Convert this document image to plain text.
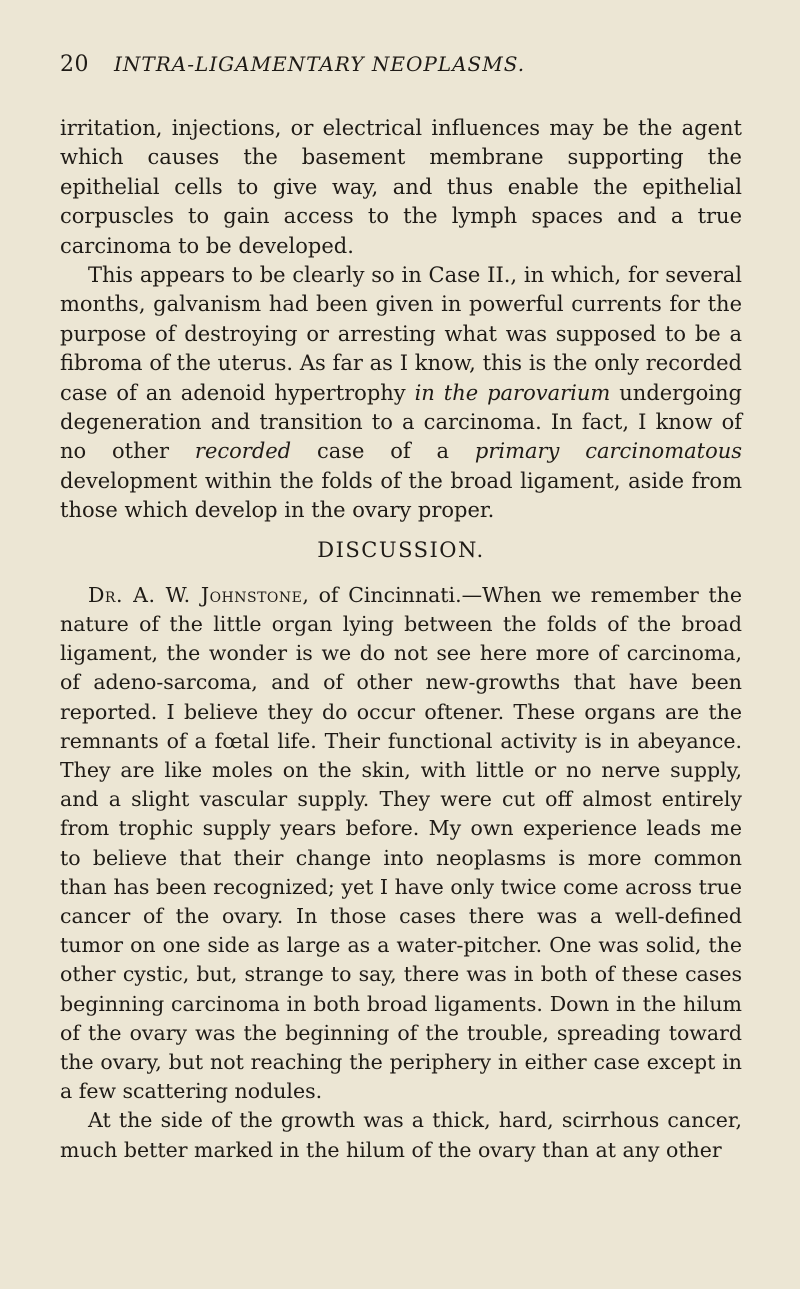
20	INTRA-LIGAMENTARY NEOPLASMS.

irritation, injections, or electrical influences may be the agent which causes the basement membrane supporting the epithelial cells to give way, and thus enable the epithelial corpuscles to gain access to the lymph spaces and a true carcinoma to be developed.

This appears to be clearly so in Case II., in which, for several months, galvanism had been given in powerful currents for the purpose of destroying or arresting what was supposed to be a fibroma of the uterus. As far as I know, this is the only recorded case of an adenoid hypertrophy in the parovarium undergoing degeneration and transition to a carcinoma. In fact, I know of no other recorded case of a primary carcinomatous development within the folds of the broad ligament, aside from those which develop in the ovary proper.

DISCUSSION.

Dr. A. W. Johnstone, of Cincinnati.—When we remember the nature of the little organ lying between the folds of the broad ligament, the wonder is we do not see here more of carcinoma, of adeno-sarcoma, and of other new-growths that have been reported. I believe they do occur oftener. These organs are the remnants of a fœtal life. Their functional activity is in abeyance. They are like moles on the skin, with little or no nerve supply, and a slight vascular supply. They were cut off almost entirely from trophic supply years before. My own experience leads me to believe that their change into neoplasms is more common than has been recognized; yet I have only twice come across true cancer of the ovary. In those cases there was a well-defined tumor on one side as large as a water-pitcher. One was solid, the other cystic, but, strange to say, there was in both of these cases beginning carcinoma in both broad ligaments. Down in the hilum of the ovary was the beginning of the trouble, spreading toward the ovary, but not reaching the periphery in either case except in a few scattering nodules.

At the side of the growth was a thick, hard, scirrhous cancer, much better marked in the hilum of the ovary than at any other
